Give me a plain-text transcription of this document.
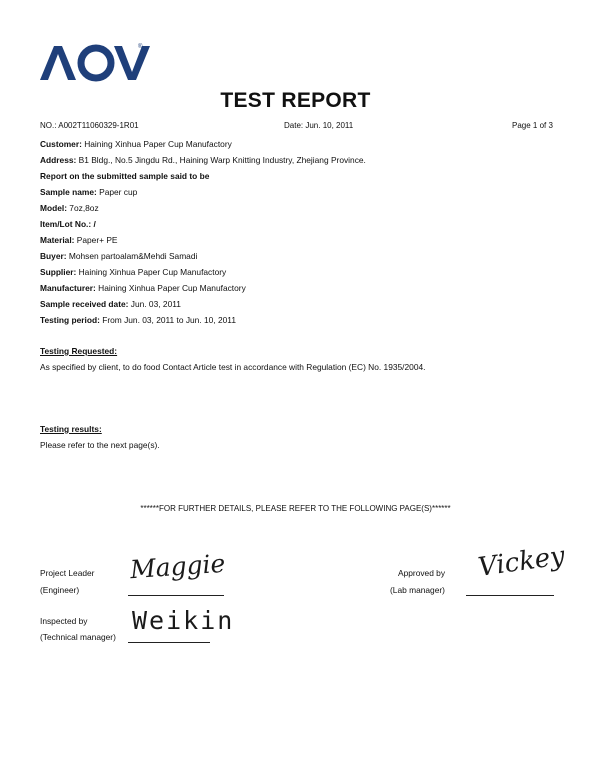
®
TEST REPORT
NO.: A002T11060329-1R01	Date: Jun. 10, 2011	Page 1 of 3
Customer: Haining Xinhua Paper Cup Manufactory
Address: B1 Bldg., No.5 Jingdu Rd., Haining Warp Knitting Industry, Zhejiang Province.
Report on the submitted sample said to be
Sample name: Paper cup
Model: 7oz,8oz
Item/Lot No.: /
Material: Paper+ PE
Buyer: Mohsen partoalam&Mehdi Samadi
Supplier: Haining Xinhua Paper Cup Manufactory
Manufacturer: Haining Xinhua Paper Cup Manufactory
Sample received date: Jun. 03, 2011
Testing period: From Jun. 03, 2011 to Jun. 10, 2011
Testing Requested:
As specified by client, to do food Contact Article test in accordance with Regulation (EC) No. 1935/2004.
Testing results:
Please refer to the next page(s).
******FOR FURTHER DETAILS, PLEASE REFER TO THE FOLLOWING PAGE(S)******
Project Leader
(Engineer)
Maggie	Approved by
(Lab manager)
Vickey
Inspected by
(Technical manager)
Weikin
